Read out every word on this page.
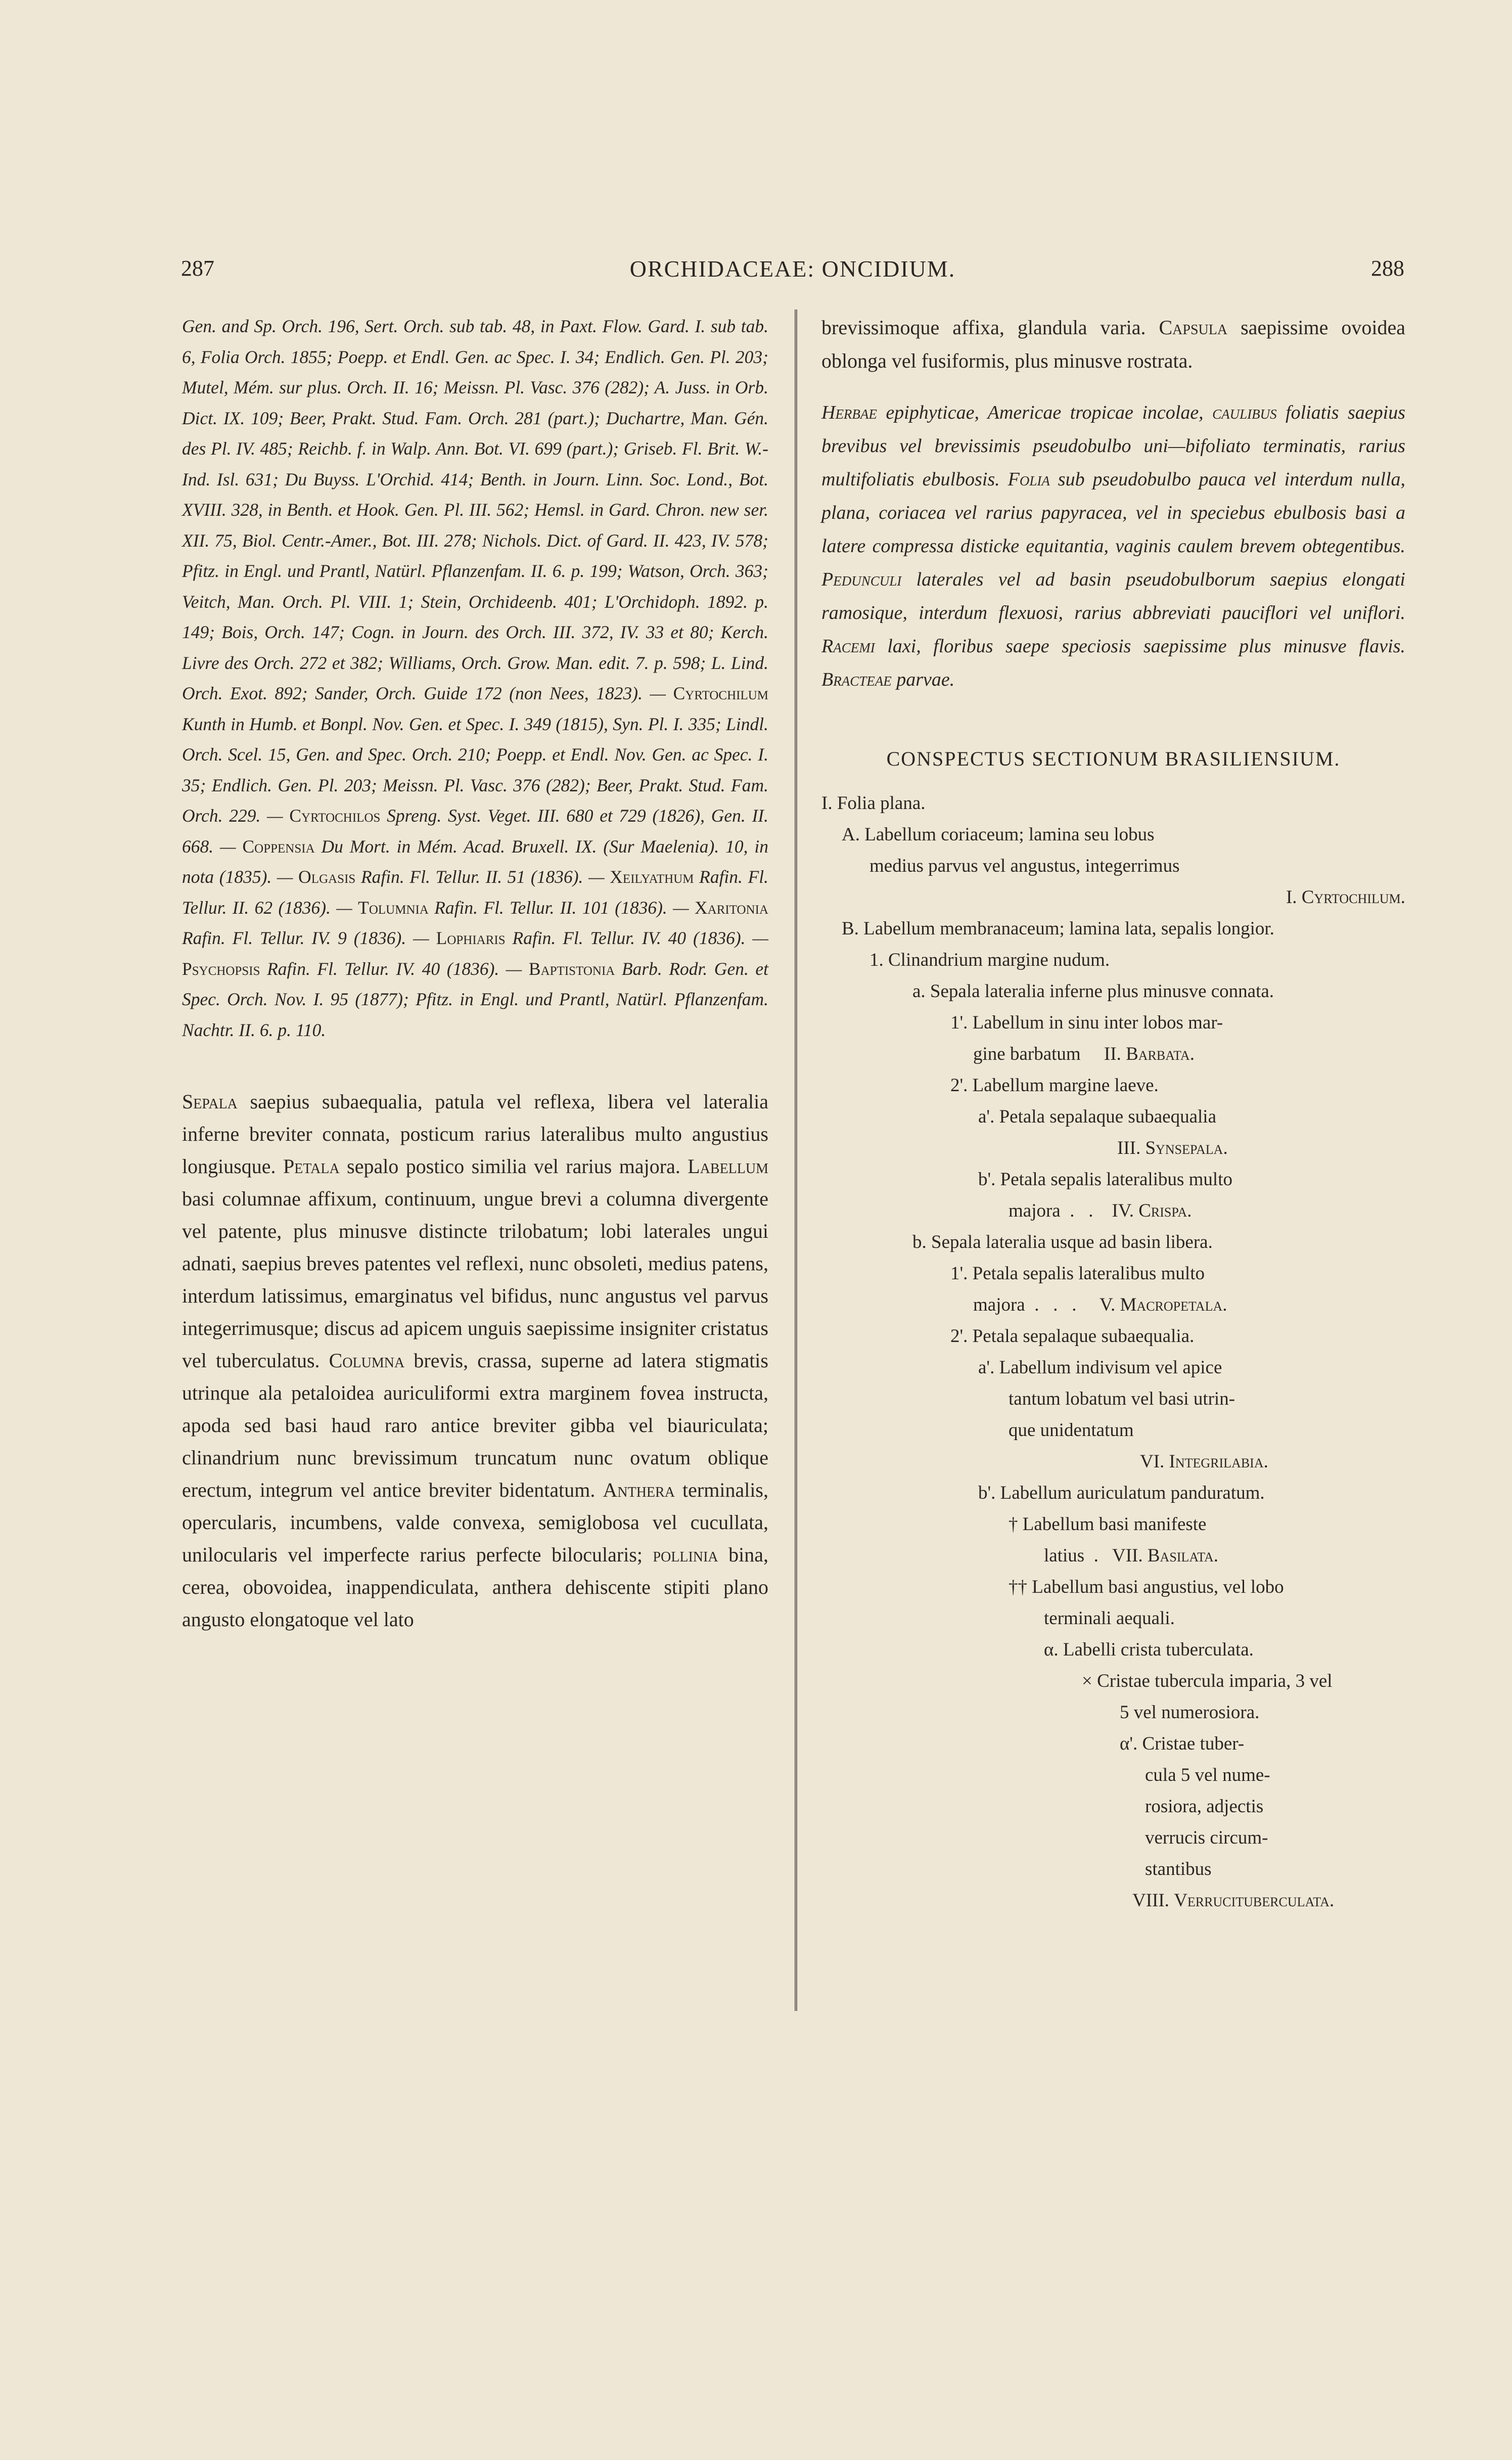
287	ORCHIDACEAE: ONCIDIUM.	288
Gen. and Sp. Orch. 196, Sert. Orch. sub tab. 48, in Paxt. Flow. Gard. I. sub tab. 6, Folia Orch. 1855; Poepp. et Endl. Gen. ac Spec. I. 34; Endlich. Gen. Pl. 203; Mutel, Mém. sur plus. Orch. II. 16; Meissn. Pl. Vasc. 376 (282); A. Juss. in Orb. Dict. IX. 109; Beer, Prakt. Stud. Fam. Orch. 281 (part.); Duchartre, Man. Gén. des Pl. IV. 485; Reichb. f. in Walp. Ann. Bot. VI. 699 (part.); Griseb. Fl. Brit. W.-Ind. Isl. 631; Du Buyss. L'Orchid. 414; Benth. in Journ. Linn. Soc. Lond., Bot. XVIII. 328, in Benth. et Hook. Gen. Pl. III. 562; Hemsl. in Gard. Chron. new ser. XII. 75, Biol. Centr.-Amer., Bot. III. 278; Nichols. Dict. of Gard. II. 423, IV. 578; Pfitz. in Engl. und Prantl, Natürl. Pflanzenfam. II. 6. p. 199; Watson, Orch. 363; Veitch, Man. Orch. Pl. VIII. 1; Stein, Orchideenb. 401; L'Orchidoph. 1892. p. 149; Bois, Orch. 147; Cogn. in Journ. des Orch. III. 372, IV. 33 et 80; Kerch. Livre des Orch. 272 et 382; Williams, Orch. Grow. Man. edit. 7. p. 598; L. Lind. Orch. Exot. 892; Sander, Orch. Guide 172 (non Nees, 1823). — Cyrtochilum Kunth in Humb. et Bonpl. Nov. Gen. et Spec. I. 349 (1815), Syn. Pl. I. 335; Lindl. Orch. Scel. 15, Gen. and Spec. Orch. 210; Poepp. et Endl. Nov. Gen. ac Spec. I. 35; Endlich. Gen. Pl. 203; Meissn. Pl. Vasc. 376 (282); Beer, Prakt. Stud. Fam. Orch. 229. — Cyrtochilos Spreng. Syst. Veget. III. 680 et 729 (1826), Gen. II. 668. — Coppensia Du Mort. in Mém. Acad. Bruxell. IX. (Sur Maelenia). 10, in nota (1835). — Olgasis Rafin. Fl. Tellur. II. 51 (1836). — Xeilyathum Rafin. Fl. Tellur. II. 62 (1836). — Tolumnia Rafin. Fl. Tellur. II. 101 (1836). — Xaritonia Rafin. Fl. Tellur. IV. 9 (1836). — Lophiaris Rafin. Fl. Tellur. IV. 40 (1836). — Psychopsis Rafin. Fl. Tellur. IV. 40 (1836). — Baptistonia Barb. Rodr. Gen. et Spec. Orch. Nov. I. 95 (1877); Pfitz. in Engl. und Prantl, Natürl. Pflanzenfam. Nachtr. II. 6. p. 110.
Sepala saepius subaequalia, patula vel reflexa, libera vel lateralia inferne breviter connata, posticum rarius lateralibus multo angustius longiusque. Petala sepalo postico similia vel rarius majora. Labellum basi columnae affixum, continuum, ungue brevi a columna divergente vel patente, plus minusve distincte trilobatum; lobi laterales ungui adnati, saepius breves patentes vel reflexi, nunc obsoleti, medius patens, interdum latissimus, emarginatus vel bifidus, nunc angustus vel parvus integerrimusque; discus ad apicem unguis saepissime insigniter cristatus vel tuberculatus. Columna brevis, crassa, superne ad latera stigmatis utrinque ala petaloidea auriculiformi extra marginem fovea instructa, apoda sed basi haud raro antice breviter gibba vel biauriculata; clinandrium nunc brevissimum truncatum nunc ovatum oblique erectum, integrum vel antice breviter bidentatum. Anthera terminalis, opercularis, incumbens, valde convexa, semiglobosa vel cucullata, unilocularis vel imperfecte rarius perfecte bilocularis; pollinia bina, cerea, obovoidea, inappendiculata, anthera dehiscente stipiti plano angusto elongatoque vel lato
brevissimoque affixa, glandula varia. Capsula saepissime ovoidea oblonga vel fusiformis, plus minusve rostrata.
Herbae epiphyticae, Americae tropicae incolae, caulibus foliatis saepius brevibus vel brevissimis pseudobulbo uni—bifoliato terminatis, rarius multifoliatis ebulbosis. Folia sub pseudobulbo pauca vel interdum nulla, plana, coriacea vel rarius papyracea, vel in speciebus ebulbosis basi a latere compressa disticke equitantia, vaginis caulem brevem obtegentibus. Pedunculi laterales vel ad basin pseudobulborum saepius elongati ramosique, interdum flexuosi, rarius abbreviati pauciflori vel uniflori. Racemi laxi, floribus saepe speciosis saepissime plus minusve flavis. Bracteae parvae.
CONSPECTUS SECTIONUM BRASILIENSIUM.
I. Folia plana.
A. Labellum coriaceum; lamina seu lobus
medius parvus vel angustus, integerrimus
I. Cyrtochilum.
B. Labellum membranaceum; lamina lata, sepalis longior.
1. Clinandrium margine nudum.
a. Sepala lateralia inferne plus minusve connata.
1'. Labellum in sinu inter lobos mar-
gine barbatum     II. Barbata.
2'. Labellum margine laeve.
a'. Petala sepalaque subaequalia
III. Synsepala.
b'. Petala sepalis lateralibus multo
majora  .   .    IV. Crispa.
b. Sepala lateralia usque ad basin libera.
1'. Petala sepalis lateralibus multo
majora  .   .   .     V. Macropetala.
2'. Petala sepalaque subaequalia.
a'. Labellum indivisum vel apice
tantum lobatum vel basi utrin-
que unidentatum
VI. Integrilabia.
b'. Labellum auriculatum panduratum.
† Labellum basi manifeste
latius  .   VII. Basilata.
†† Labellum basi angustius, vel lobo
terminali aequali.
α. Labelli crista tuberculata.
× Cristae tubercula imparia, 3 vel
5 vel numerosiora.
α'. Cristae tuber-
cula 5 vel nume-
rosiora, adjectis
verrucis circum-
stantibus
VIII. Verrucituberculata.
